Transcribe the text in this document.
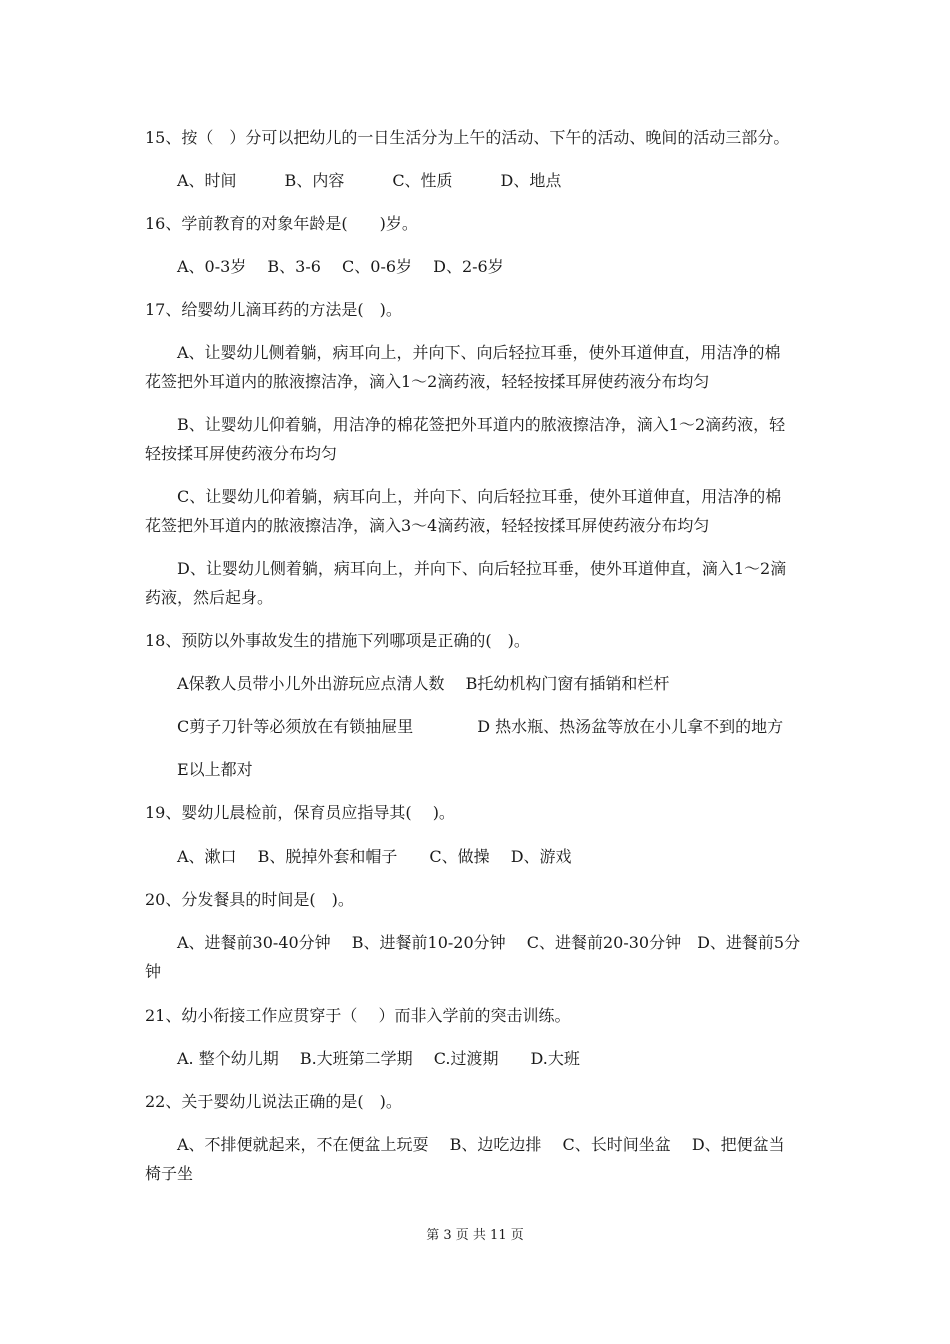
15、按（　）分可以把幼儿的一日生活分为上午的活动、下午的活动、晚间的活动三部分。
A、时间　　　B、内容　　　C、性质　　　D、地点
16、学前教育的对象年龄是(　　)岁。
A、0-3岁　 B、3-6　 C、0-6岁　 D、2-6岁
17、给婴幼儿滴耳药的方法是(　)。
A、让婴幼儿侧着躺，病耳向上，并向下、向后轻拉耳垂，使外耳道伸直，用洁净的棉
花签把外耳道内的脓液擦洁净，滴入1～2滴药液，轻轻按揉耳屏使药液分布均匀
B、让婴幼儿仰着躺，用洁净的棉花签把外耳道内的脓液擦洁净，滴入1～2滴药液，轻
轻按揉耳屏使药液分布均匀
C、让婴幼儿仰着躺，病耳向上，并向下、向后轻拉耳垂，使外耳道伸直，用洁净的棉
花签把外耳道内的脓液擦洁净，滴入3～4滴药液，轻轻按揉耳屏使药液分布均匀
D、让婴幼儿侧着躺，病耳向上，并向下、向后轻拉耳垂，使外耳道伸直，滴入1～2滴
药液，然后起身。
18、预防以外事故发生的措施下列哪项是正确的(　)。
A保教人员带小儿外出游玩应点清人数　 B托幼机构门窗有插销和栏杆
C剪子刀针等必须放在有锁抽屉里　　　　D 热水瓶、热汤盆等放在小儿拿不到的地方
E以上都对
19、婴幼儿晨检前，保育员应指导其(　 )。
A、漱口　 B、脱掉外套和帽子　　C、做操　 D、游戏
20、分发餐具的时间是(　)。
A、进餐前30-40分钟　 B、进餐前10-20分钟　 C、进餐前20-30分钟　D、进餐前5分
钟
21、幼小衔接工作应贯穿于（　 ）而非入学前的突击训练。
A. 整个幼儿期　 B.大班第二学期　 C.过渡期　　D.大班
22、关于婴幼儿说法正确的是(　)。
A、不排便就起来，不在便盆上玩耍　 B、边吃边排　 C、长时间坐盆　 D、把便盆当
椅子坐
第 3 页 共 11 页
